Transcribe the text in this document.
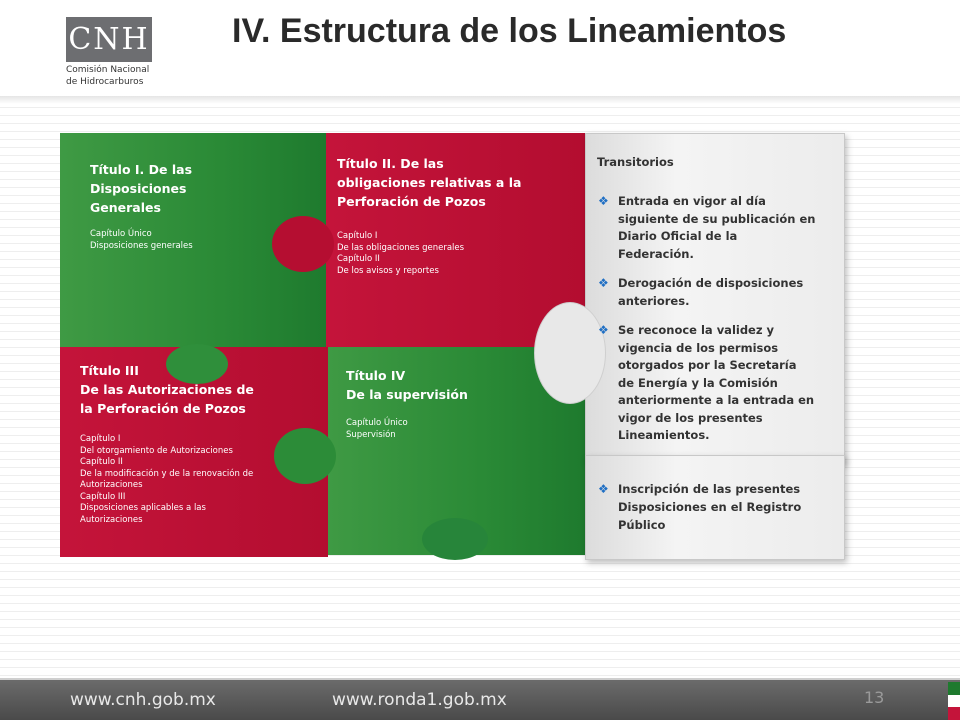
CNH
Comisión Nacional
de Hidrocarburos
IV. Estructura de los Lineamientos
Título I. De las Disposiciones Generales
Capítulo Único
Disposiciones generales
Título II. De las obligaciones relativas a la Perforación de Pozos
Capítulo I
De las obligaciones generales
Capítulo II
De los avisos y reportes
Título III
De las Autorizaciones de la Perforación de Pozos
Capítulo I
Del otorgamiento de Autorizaciones
Capítulo II
De la modificación y de la renovación de Autorizaciones
Capítulo III
Disposiciones aplicables a las Autorizaciones
Título IV
De la supervisión
Capítulo Único
Supervisión
Transitorios
❖ Entrada en vigor al día siguiente de su publicación en Diario Oficial de la Federación.
❖ Derogación de disposiciones anteriores.
❖ Se reconoce la validez y vigencia de los permisos otorgados por la Secretaría de Energía y la Comisión anteriormente a la entrada en vigor de los presentes Lineamientos.
❖ Inscripción de las presentes Disposiciones en el Registro Público
www.cnh.gob.mx	www.ronda1.gob.mx	13
